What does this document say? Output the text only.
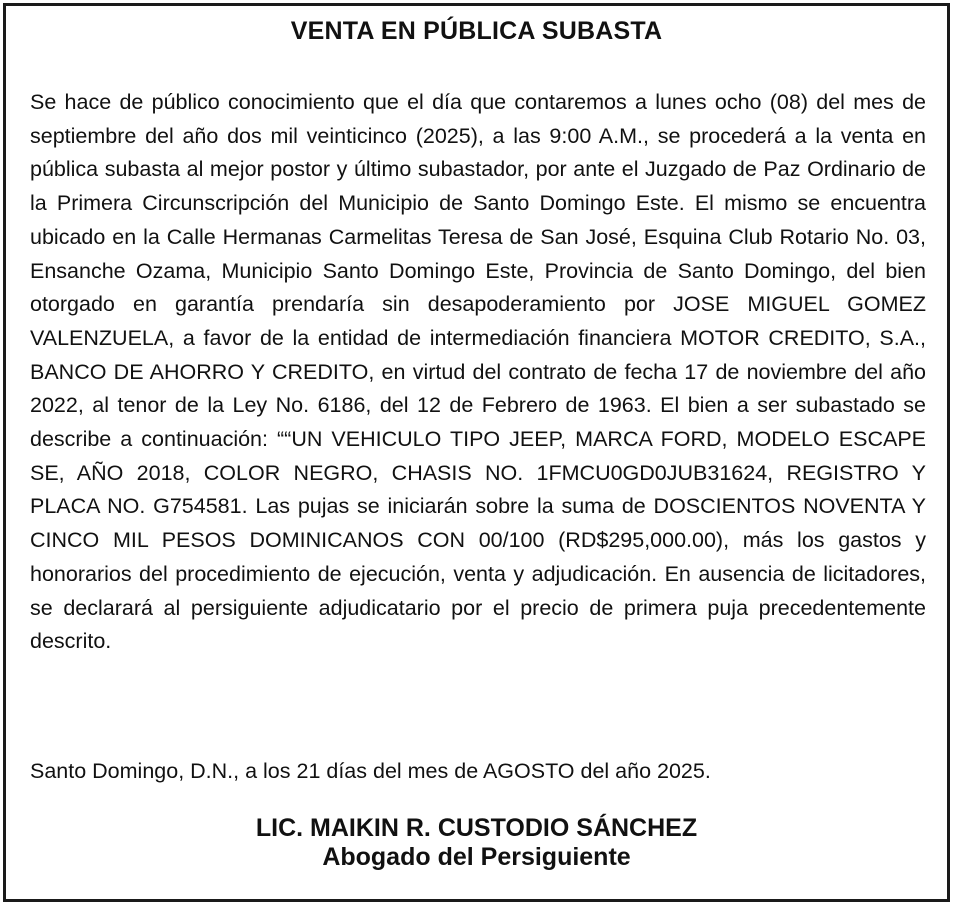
VENTA EN PÚBLICA SUBASTA

Se hace de público conocimiento que el día que contaremos a lunes ocho (08) del mes de septiembre del año dos mil veinticinco (2025), a las 9:00 A.M., se procederá a la venta en pública subasta al mejor postor y último subastador, por ante el Juzgado de Paz Ordinario de la Primera Circunscripción del Municipio de Santo Domingo Este. El mismo se encuentra ubicado en la Calle Hermanas Carmelitas Teresa de San José, Esquina Club Rotario No. 03, Ensanche Ozama, Municipio Santo Domingo Este, Provincia de Santo Domingo, del bien otorgado en garantía prendaría sin desapoderamiento por JOSE MIGUEL GOMEZ VALENZUELA, a favor de la entidad de intermediación financiera MOTOR CREDITO, S.A., BANCO DE AHORRO Y CREDITO, en virtud del contrato de fecha 17 de noviembre del año 2022, al tenor de la Ley No. 6186, del 12 de Febrero de 1963. El bien a ser subastado se describe a continuación: ““UN VEHICULO TIPO JEEP, MARCA FORD, MODELO ESCAPE SE, AÑO 2018, COLOR NEGRO, CHASIS NO. 1FMCU0GD0JUB31624, REGISTRO Y PLACA NO. G754581. Las pujas se iniciarán sobre la suma de DOSCIENTOS NOVENTA Y CINCO MIL PESOS DOMINICANOS CON 00/100 (RD$295,000.00), más los gastos y honorarios del procedimiento de ejecución, venta y adjudicación. En ausencia de licitadores, se declarará al persiguiente adjudicatario por el precio de primera puja precedentemente descrito.

Santo Domingo, D.N., a los 21 días del mes de AGOSTO del año 2025.

LIC. MAIKIN R. CUSTODIO SÁNCHEZ
Abogado del Persiguiente
